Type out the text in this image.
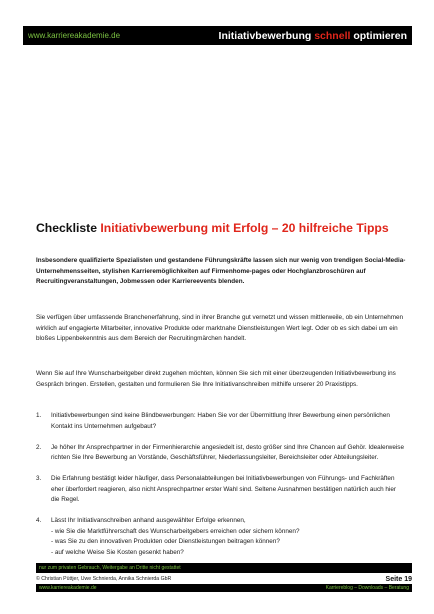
www.karriereakademie.de	Initiativbewerbung schnell optimieren
Checkliste Initiativbewerbung mit Erfolg – 20 hilfreiche Tipps

Insbesondere qualifizierte Spezialisten und gestandene Führungskräfte lassen sich nur wenig von trendigen Social-Media-Unternehmensseiten, stylishen Karrieremöglichkeiten auf Firmenhome-pages oder Hochglanzbroschüren auf Recruitingveranstaltungen, Jobmessen oder Karriereevents blenden.

Sie verfügen über umfassende Branchenerfahrung, sind in ihrer Branche gut vernetzt und wissen mittlerweile, ob ein Unternehmen wirklich auf engagierte Mitarbeiter, innovative Produkte oder marktnahe Dienstleistungen Wert legt. Oder ob es sich dabei um ein bloßes Lippenbekenntnis aus dem Bereich der Recruitingmärchen handelt.

Wenn Sie auf Ihre Wunscharbeitgeber direkt zugehen möchten, können Sie sich mit einer überzeugenden Initiativbewerbung ins Gespräch bringen. Erstellen, gestalten und formulieren Sie Ihre Initiativanschreiben mithilfe unserer 20 Praxistipps.

1.	Initiativbewerbungen sind keine Blindbewerbungen: Haben Sie vor der Übermittlung Ihrer Bewerbung einen persönlichen Kontakt ins Unternehmen aufgebaut?
2.	Je höher Ihr Ansprechpartner in der Firmenhierarchie angesiedelt ist, desto größer sind Ihre Chancen auf Gehör. Idealerweise richten Sie Ihre Bewerbung an Vorstände, Geschäftsführer, Niederlassungsleiter, Bereichsleiter oder Abteilungsleiter.
3.	Die Erfahrung bestätigt leider häufiger, dass Personalabteilungen bei Initiativbewerbungen von Führungs- und Fachkräften eher überfordert reagieren, also nicht Ansprechpartner erster Wahl sind. Seltene Ausnahmen bestätigen natürlich auch hier die Regel.
4.	Lässt Ihr Initiativanschreiben anhand ausgewählter Erfolge erkennen,
- wie Sie die Marktführerschaft des Wunscharbeitgebers erreichen oder sichern können?
- was Sie zu den innovativen Produkten oder Dienstleistungen beitragen können?
- auf welche Weise Sie Kosten gesenkt haben?
nur zum privaten Gebrauch, Weitergabe an Dritte nicht gestattet
© Christian Püttjer, Uwe Schnierda, Annika Schnierda GbR	Seite 19
www.karriereakademie.de	Karriereblog – Downloads – Beratung
